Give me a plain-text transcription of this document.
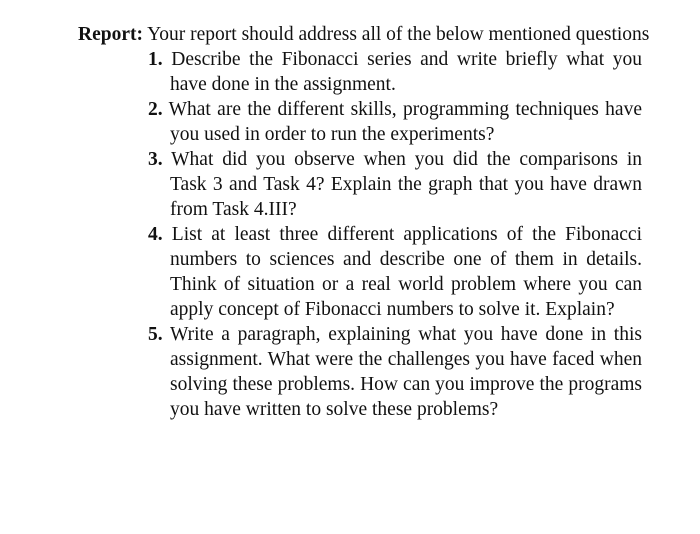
Report: Your report should address all of the below mentioned questions

1. Describe the Fibonacci series and write briefly what you have done in the assignment.
2. What are the different skills, programming techniques have you used in order to run the experiments?
3. What did you observe when you did the comparisons in Task 3 and Task 4? Explain the graph that you have drawn from Task 4.III?
4. List at least three different applications of the Fibonacci numbers to sciences and describe one of them in details. Think of situation or a real world problem where you can apply concept of Fibonacci numbers to solve it. Explain?
5. Write a paragraph, explaining what you have done in this assignment. What were the challenges you have faced when solving these problems. How can you improve the programs you have written to solve these problems?
